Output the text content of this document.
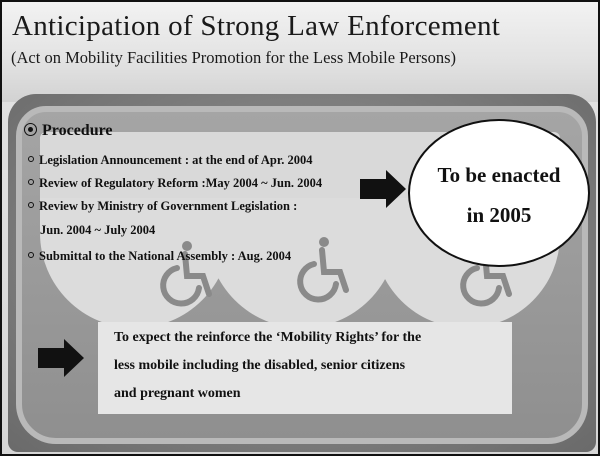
Anticipation of Strong Law Enforcement
(Act on Mobility Facilities Promotion for the Less Mobile Persons)
Procedure
Legislation Announcement : at the end of Apr. 2004
Review of Regulatory Reform :May 2004 ~ Jun. 2004
Review by Ministry of Government Legislation :
Jun. 2004 ~ July 2004
Submittal to the National Assembly : Aug. 2004
To be enacted
in 2005
To expect the reinforce the ‘Mobility Rights’ for the
less mobile including the disabled, senior citizens
and pregnant women
